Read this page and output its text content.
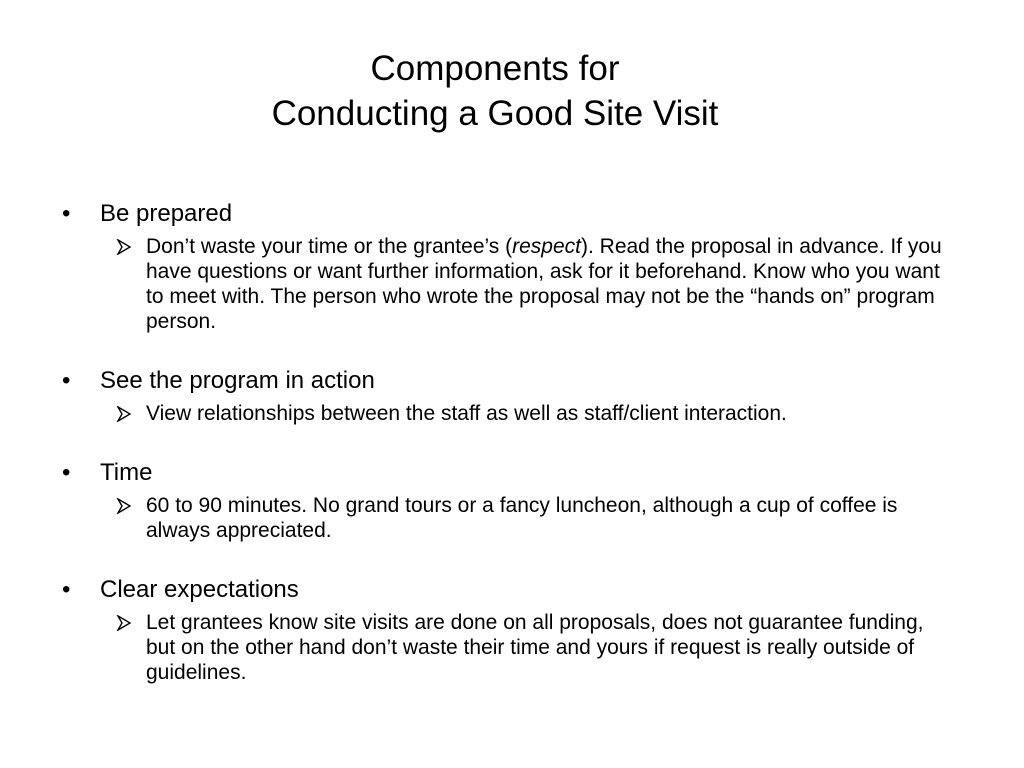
Components for
Conducting a Good Site Visit
• Be prepared
Don’t waste your time or the grantee’s (respect). Read the proposal in advance. If you have questions or want further information, ask for it beforehand. Know who you want to meet with. The person who wrote the proposal may not be the “hands on” program person.
• See the program in action
View relationships between the staff as well as staff/client interaction.
• Time
60 to 90 minutes. No grand tours or a fancy luncheon, although a cup of coffee is always appreciated.
• Clear expectations
Let grantees know site visits are done on all proposals, does not guarantee funding, but on the other hand don’t waste their time and yours if request is really outside of guidelines.
